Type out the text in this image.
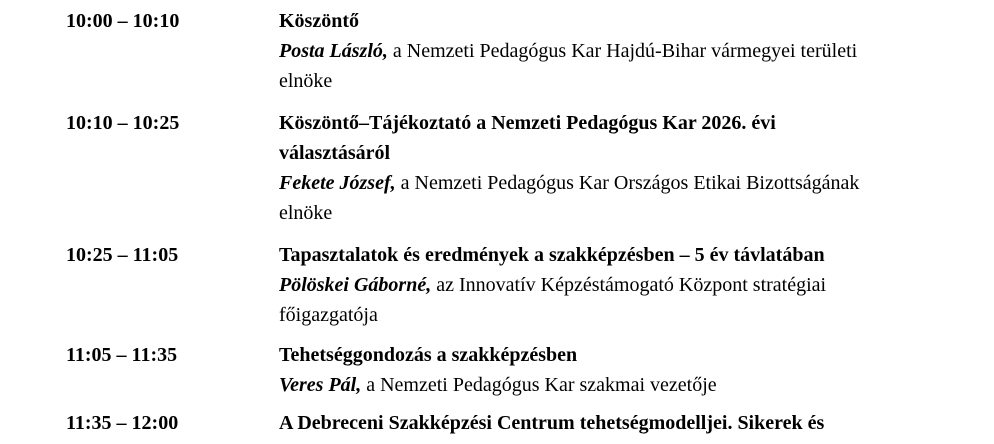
10:00 – 10:10	Köszöntő
Posta László, a Nemzeti Pedagógus Kar Hajdú-Bihar vármegyei területi elnöke
10:10 – 10:25	Köszöntő–Tájékoztató a Nemzeti Pedagógus Kar 2026. évi választásáról
Fekete József, a Nemzeti Pedagógus Kar Országos Etikai Bizottságának elnöke
10:25 – 11:05	Tapasztalatok és eredmények a szakképzésben – 5 év távlatában
Pölöskei Gáborné, az Innovatív Képzéstámogató Központ stratégiai főigazgatója
11:05 – 11:35	Tehetséggondozás a szakképzésben
Veres Pál, a Nemzeti Pedagógus Kar szakmai vezetője
11:35 – 12:00	A Debreceni Szakképzési Centrum tehetségmodelljei. Sikerek és
